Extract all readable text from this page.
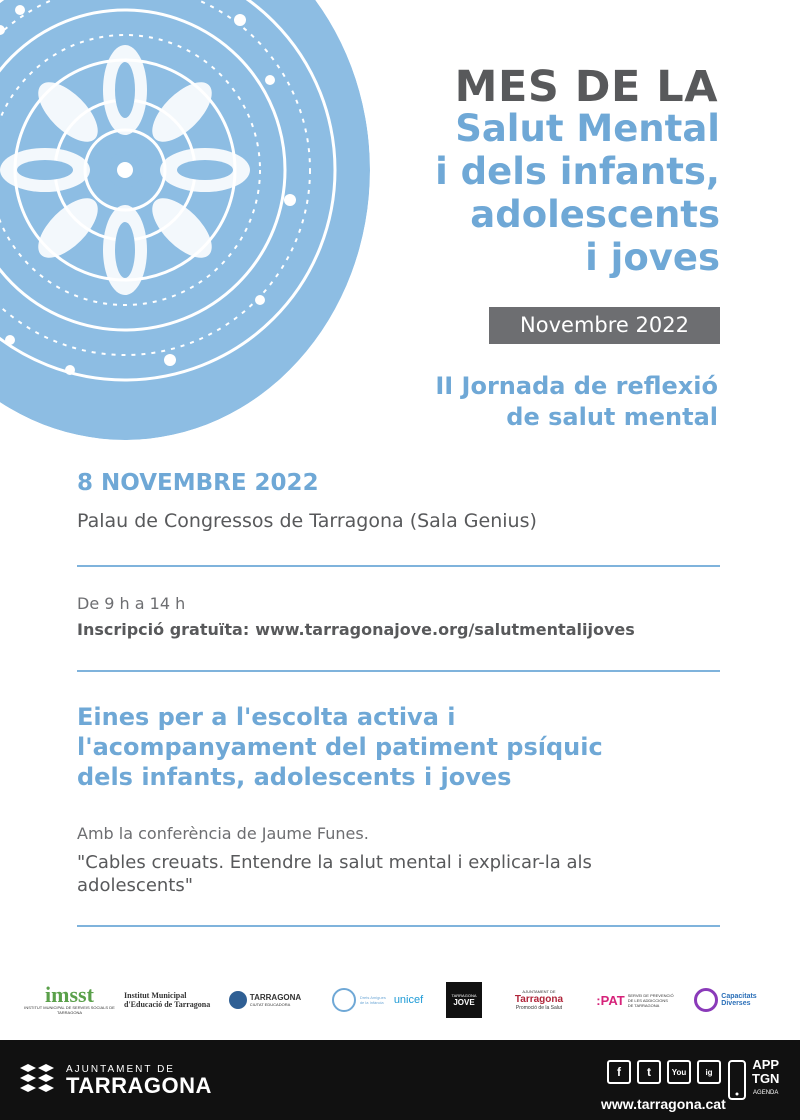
MES DE LA
Salut Mental
i dels infants,
adolescents
i joves
Novembre 2022
II Jornada de reflexió
de salut mental
8 NOVEMBRE 2022
Palau de Congressos de Tarragona (Sala Genius)
De 9 h a 14 h
Inscripció gratuïta: www.tarragonajove.org/salutmentalijoves
Eines per a l'escolta activa i
l'acompanyament del patiment psíquic
dels infants, adolescents i joves
Amb la conferència de Jaume Funes.
"Cables creuats. Entendre la salut mental i explicar-la als adolescents"
imsst
INSTITUT MUNICIPAL DE SERVEIS SOCIALS DE TARRAGONA
Institut Municipal
d'Educació de Tarragona
TARRAGONA
CIUTAT EDUCADORA
Drets Amigues de la Infància unicef	TARRAGONA
JOVE
AJUNTAMENT DE
Tarragona
Promoció de la Salut
:PAT SERVEI DE PREVENCIÓ DE LES ADDICCIONS DE TARRAGONA
Capacitats
Diverses
AJUNTAMENT DE
TARRAGONA
f	t	You	ig
www.tarragona.cat
APP
TGN
AGENDA
